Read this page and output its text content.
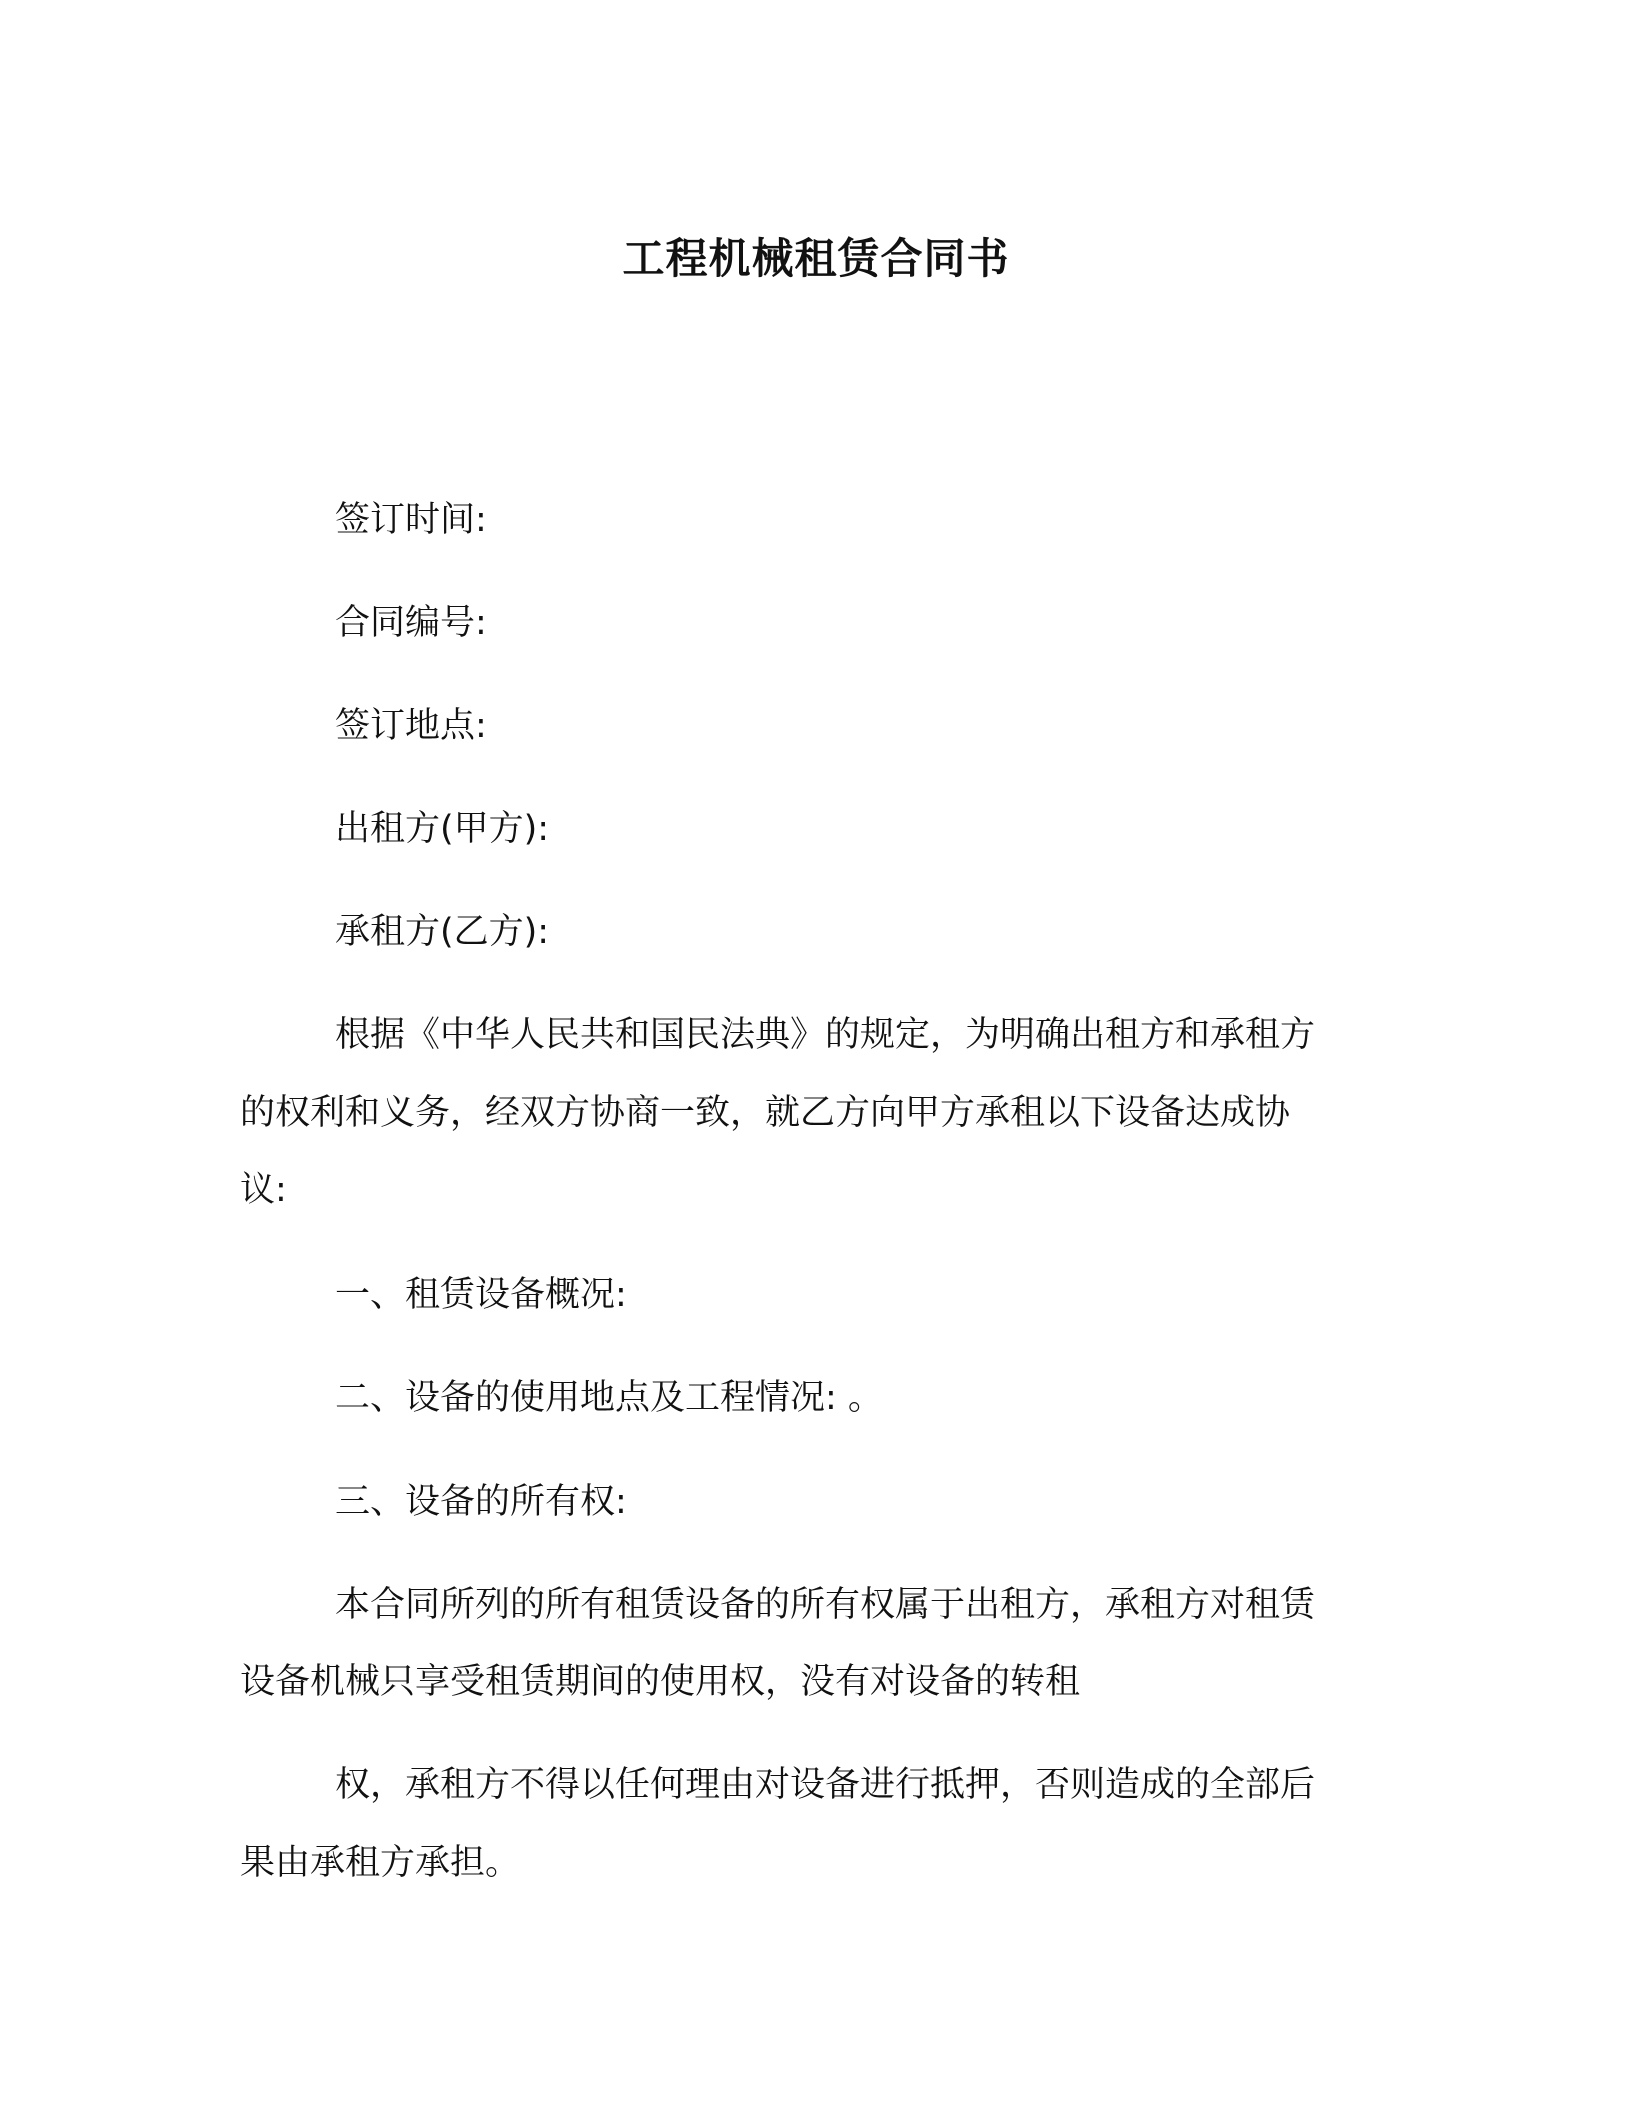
工程机械租赁合同书
签订时间:
合同编号:
签订地点:
出租方(甲方):
承租方(乙方):
根据《中华人民共和国民法典》的规定，为明确出租方和承租方
的权利和义务，经双方协商一致，就乙方向甲方承租以下设备达成协
议:
一、租赁设备概况:
二、设备的使用地点及工程情况: 。
三、设备的所有权:
本合同所列的所有租赁设备的所有权属于出租方，承租方对租赁
设备机械只享受租赁期间的使用权，没有对设备的转租
权，承租方不得以任何理由对设备进行抵押，否则造成的全部后
果由承租方承担。
